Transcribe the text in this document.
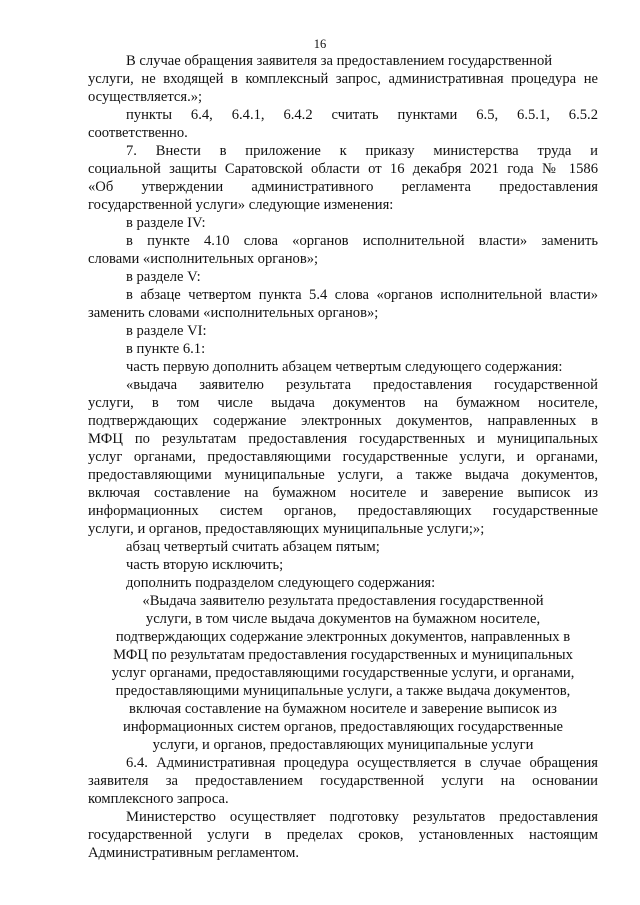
16
В случае обращения заявителя за предоставлением государственной
услуги, не входящей в комплексный запрос, административная процедура не
осуществляется.»;
пункты 6.4, 6.4.1, 6.4.2 считать пунктами 6.5, 6.5.1, 6.5.2
соответственно.
7. Внести в приложение к приказу министерства труда и
социальной защиты Саратовской области от 16 декабря 2021 года № 1586
«Об утверждении административного регламента предоставления
государственной услуги» следующие изменения:
в разделе IV:
в пункте 4.10 слова «органов исполнительной власти» заменить
словами «исполнительных органов»;
в разделе V:
в абзаце четвертом пункта 5.4 слова «органов исполнительной власти»
заменить словами «исполнительных органов»;
в разделе VI:
в пункте 6.1:
часть первую дополнить абзацем четвертым следующего содержания:
«выдача заявителю результата предоставления государственной
услуги, в том числе выдача документов на бумажном носителе,
подтверждающих содержание электронных документов, направленных в
МФЦ по результатам предоставления государственных и муниципальных
услуг органами, предоставляющими государственные услуги, и органами,
предоставляющими муниципальные услуги, а также выдача документов,
включая составление на бумажном носителе и заверение выписок из
информационных систем органов, предоставляющих государственные
услуги, и органов, предоставляющих муниципальные услуги;»;
абзац четвертый считать абзацем пятым;
часть вторую исключить;
дополнить подразделом следующего содержания:
«Выдача заявителю результата предоставления государственной
услуги, в том числе выдача документов на бумажном носителе,
подтверждающих содержание электронных документов, направленных в
МФЦ по результатам предоставления государственных и муниципальных
услуг органами, предоставляющими государственные услуги, и органами,
предоставляющими муниципальные услуги, а также выдача документов,
включая составление на бумажном носителе и заверение выписок из
информационных систем органов, предоставляющих государственные
услуги, и органов, предоставляющих муниципальные услуги
6.4. Административная процедура осуществляется в случае обращения
заявителя за предоставлением государственной услуги на основании
комплексного запроса.
Министерство осуществляет подготовку результатов предоставления
государственной услуги в пределах сроков, установленных настоящим
Административным регламентом.
